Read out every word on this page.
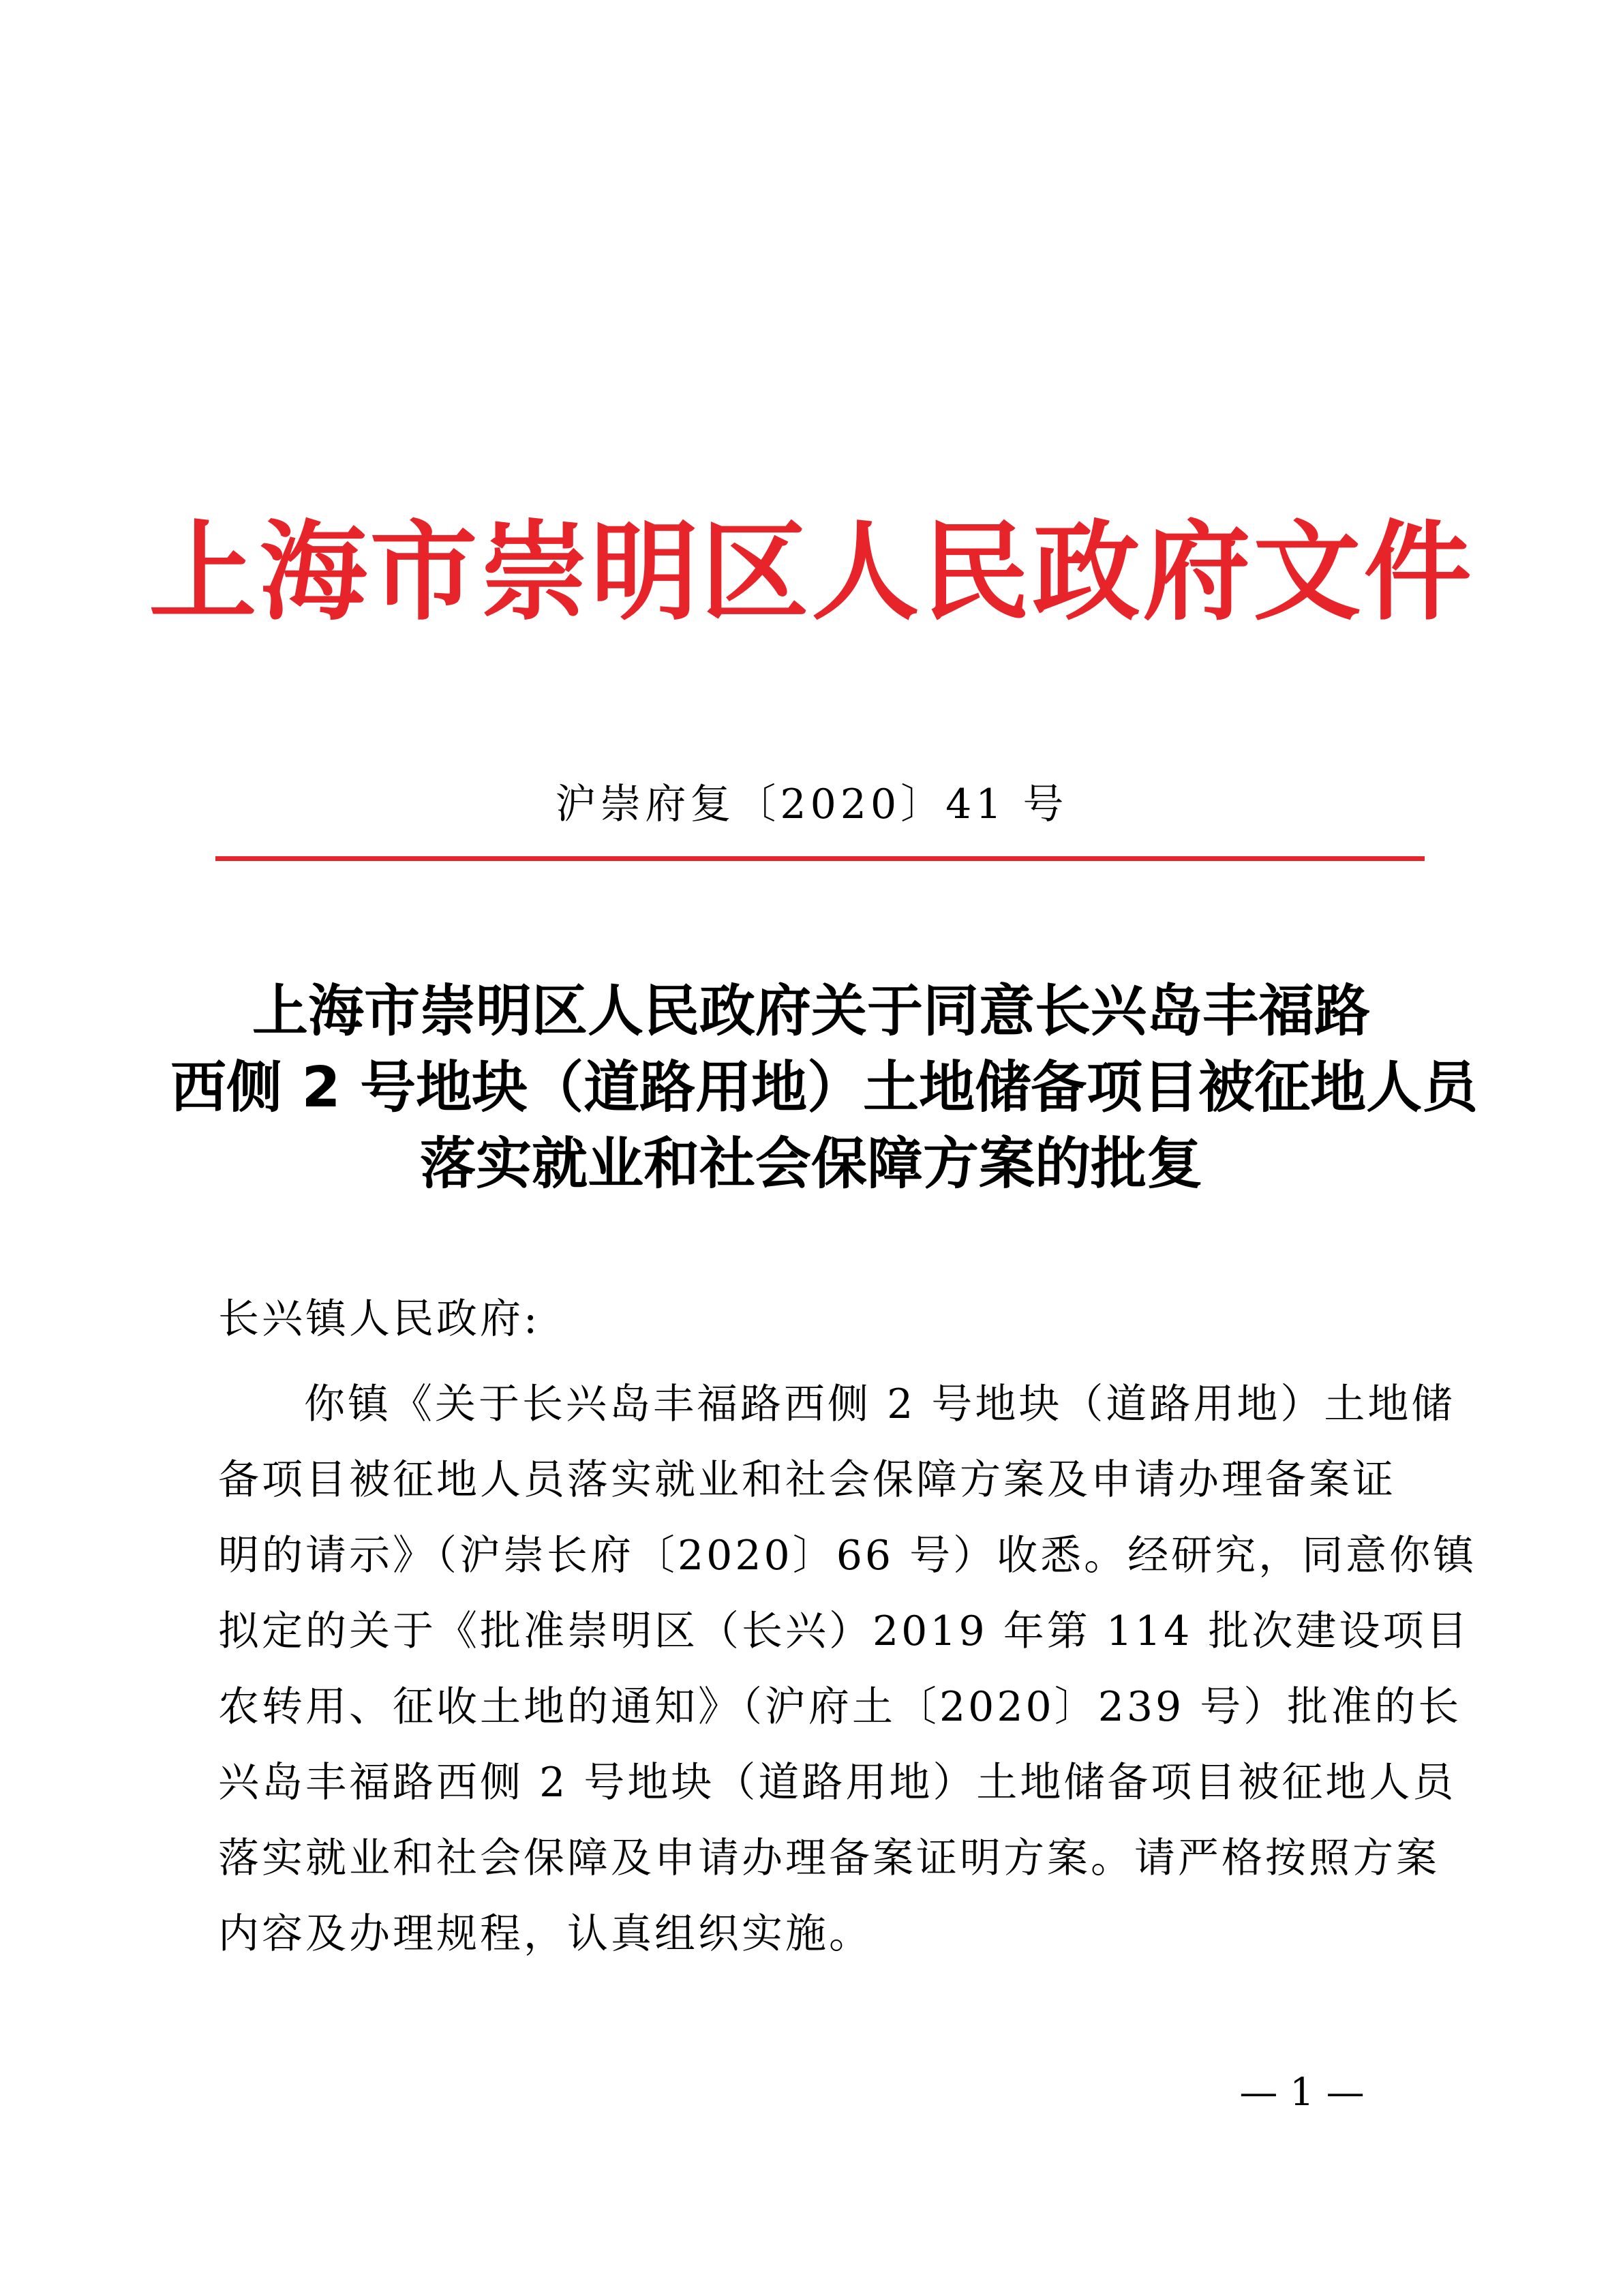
上海市崇明区人民政府文件
沪崇府复〔2020〕41 号
上海市崇明区人民政府关于同意长兴岛丰福路
西侧 2 号地块（道路用地）土地储备项目被征地人员
落实就业和社会保障方案的批复
长兴镇人民政府:
你镇《关于长兴岛丰福路西侧 2 号地块（道路用地）土地储
备项目被征地人员落实就业和社会保障方案及申请办理备案证
明的请示》（沪崇长府〔2020〕66 号）收悉。经研究，同意你镇
拟定的关于《批准崇明区（长兴）2019 年第 114 批次建设项目
农转用、征收土地的通知》（沪府土〔2020〕239 号）批准的长
兴岛丰福路西侧 2 号地块（道路用地）土地储备项目被征地人员
落实就业和社会保障及申请办理备案证明方案。请严格按照方案
内容及办理规程，认真组织实施。
— 1 —
